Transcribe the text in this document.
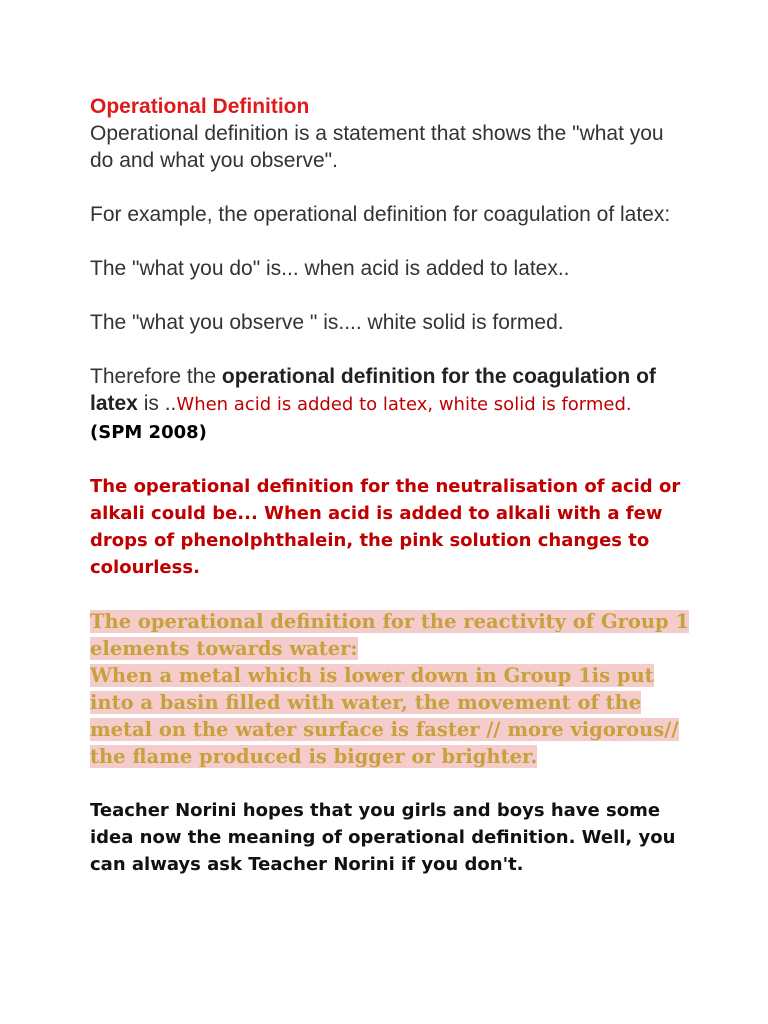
Operational Definition

Operational definition is a statement that shows the "what you do and what you observe".

For example, the operational definition for coagulation of latex:

The "what you do" is... when acid is added to latex..

The "what you observe " is.... white solid is formed.

Therefore the operational definition for the coagulation of latex is ..When acid is added to latex, white solid is formed. (SPM 2008)

The operational definition for the neutralisation of acid or alkali could be... When acid is added to alkali with a few drops of phenolphthalein, the pink solution changes to colourless.

The operational definition for the reactivity of Group 1 elements towards water:
When a metal which is lower down in Group 1is put into a basin filled with water, the movement of the metal on the water surface is faster // more vigorous// the flame produced is bigger or brighter.

Teacher Norini hopes that you girls and boys have some idea now the meaning of operational definition. Well, you can always ask Teacher Norini if you don't.
